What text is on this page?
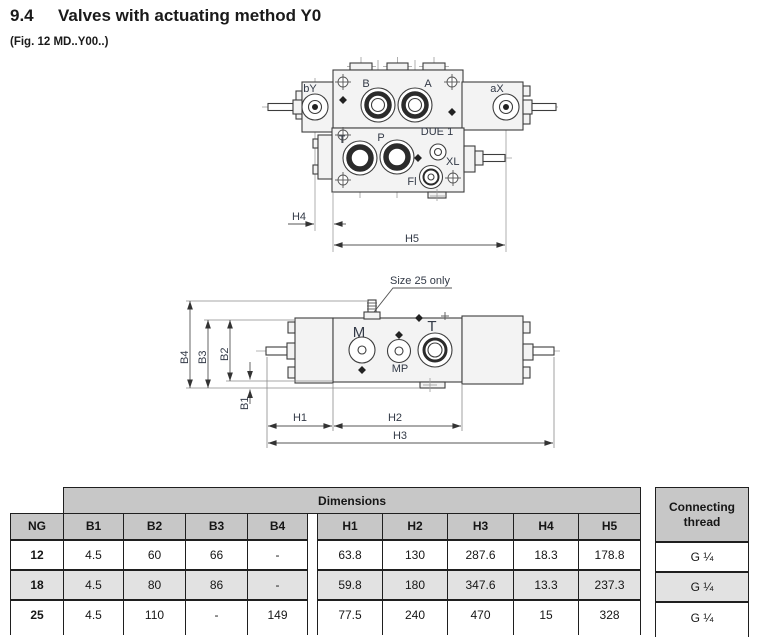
9.4 Valves with actuating method Y0
(Fig. 12 MD..Y00..)
bY	aX
B	A
T	P	DUE 1
XL
Fl
H4
H5
Size 25 only
M	T
MP
B4 B3 B2
B1
H1	H2
H3
	Dimensions									
NG	B1	B2	B3	B4		H1	H2	H3	H4	H5
12	4.5	60	66	-		63.8	130	287.6	18.3	178.8
18	4.5	80	86	-		59.8	180	347.6	13.3	237.3
25	4.5	110	-	149		77.5	240	470	15	328

Connecting thread
G ¼
G ¼
G ¼
